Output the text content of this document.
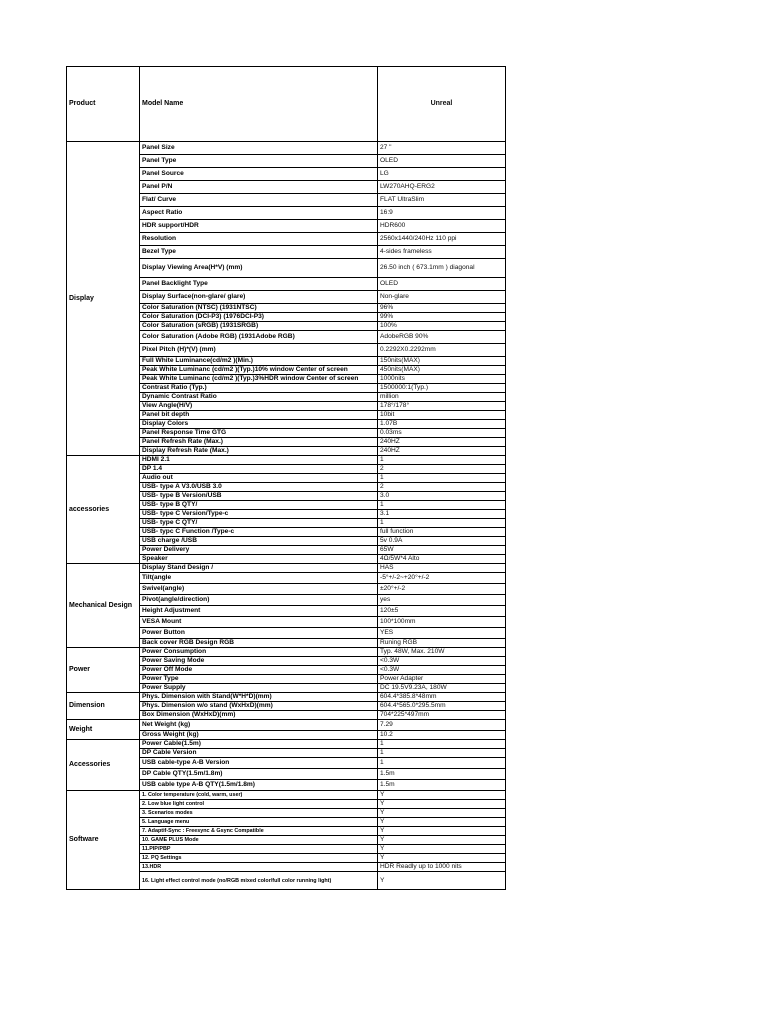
Product	Model Name	Unreal
Display	Panel Size	27 "
	Panel Type	OLED
	Panel Source	LG
	Panel P/N	LW270AHQ-ERG2
	Flat/ Curve	FLAT UltraSlim
	Aspect Ratio	16:9
	HDR support/HDR	HDR600
	Resolution	2560x1440/240Hz 110 ppi
	Bezel Type	4-sides frameless
	Display Viewing Area(H*V) (mm)	26.50 inch ( 673.1mm ) diagonal
	Panel Backlight Type	OLED
	Display Surface(non-glare/ glare)	Non-glare
	Color Saturation (NTSC) (1931NTSC)	96%
	Color Saturation (DCI-P3) (1976DCI-P3)	99%
	Color Saturation (sRGB) (1931SRGB)	100%
	Color Saturation (Adobe RGB) (1931Adobe RGB)	AdobeRGB 90%
	Pixel Pitch (H)*(V) (mm)	0.2292X0.2292mm
	Full White Luminance(cd/m2 )(Min.)	150nits(MAX)
	Peak White Luminanc (cd/m2 )(Typ.)10% window Center of screen	450nits(MAX)
	Peak White Luminanc (cd/m2 )(Typ.)3%HDR window Center of screen	1000nits
	Contrast Ratio (Typ.)	1500000:1(Typ.)
	Dynamic Contrast Ratio	million
	View Angle(H/V)	178°/178°
	Panel bit depth	10bit
	Display Colors	1.07B
	Panel Response Time GTG	0.03ms
	Panel Refresh Rate (Max.)	240HZ
	Display Refresh Rate (Max.)	240HZ
accessories	HDMI 2.1	1
	DP 1.4	2
	Audio out	1
	USB- type A V3.0/USB 3.0	2
	USB- type B Version/USB	3.0
	USB- type B QTY/	1
	USB- type C Version/Type-c	3.1
	USB- type C QTY/	1
	USB- typc C Function /Type-c	full function
	USB charge /USB	5v 0.9A
	Power Delivery	65W
	Speaker	4Ω/5W*4 Alto
Mechanical Design	Display Stand Design /	HAS
	Tilt(angle	-5°+/-2~+20°+/-2
	Swivel(angle)	±20°+/-2
	Pivot(angle/direction)	yes
	Height Adjustment	120±5
	VESA Mount	100*100mm
	Power Button	YES
	Back cover RGB Design RGB	Runing RGB
Power	Power Consumption	Typ. 48W, Max. 210W
	Power Saving Mode	<0.3W
	Power Off Mode	<0.3W
	Power Type	Power Adapter
	Power Supply	DC 19.5V9.23A, 180W
Dimension	Phys. Dimension with Stand(W*H*D)(mm)	604.4*385.8*48mm
	Phys. Dimension w/o stand (WxHxD)(mm)	604.4*565.0*295.5mm
	Box Dimension (WxHxD)(mm)	704*225*497mm
Weight	Net Weight (kg)	7.29
	Gross Weight (kg)	10.2
Accessories	Power Cable(1.5m)	1
	DP Cable Version	1
	USB cable-type A-B Version	1
	DP Cable QTY(1.5m/1.8m)	1.5m
	USB cable type A-B QTY(1.5m/1.8m)	1.5m
Software	1. Color temperature (cold, warm, user)	Y
	2. Low blue light control	Y
	3. Scenarios modes	Y
	5. Language menu	Y
	7. Adaptif-Sync : Freesync & Gsync Compatible	Y
	10. GAME PLUS Mode	Y
	11.PIP/PBP	Y
	12. PQ Settings	Y
	13.HDR	HDR Readly up to 1000 nits
	16. Light effect control mode (no/RGB mixed color/full color running light)	Y
